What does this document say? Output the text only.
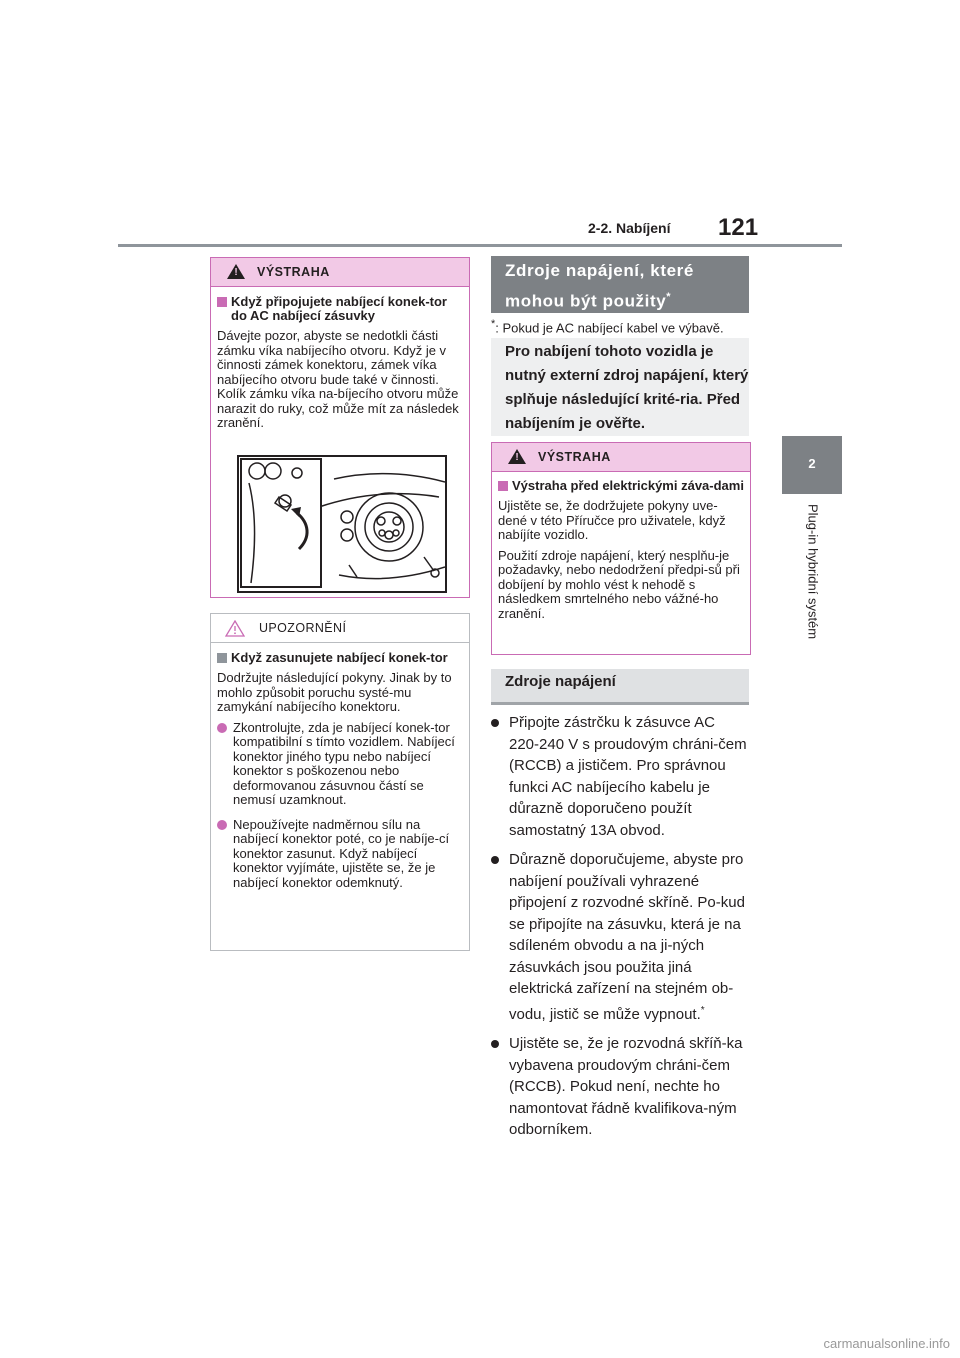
2-2. Nabíjení 121
2
Plug-in hybridní systém
!	VÝSTRAHA
Když připojujete nabíjecí konek-tor do AC nabíjecí zásuvky
Dávejte pozor, abyste se nedotkli části zámku víka nabíjecího otvoru. Když je v činnosti zámek konektoru, zámek víka nabíjecího otvoru bude také v činnosti. Kolík zámku víka na-bíjecího otvoru může narazit do ruky, což může mít za následek zranění.
UPOZORNĚNÍ
Když zasunujete nabíjecí konek-tor
Dodržujte následující pokyny. Jinak by to mohlo způsobit poruchu systé-mu zamykání nabíjecího konektoru.
Zkontrolujte, zda je nabíjecí konek-tor kompatibilní s tímto vozidlem. Nabíjecí konektor jiného typu nebo nabíjecí konektor s poškozenou nebo deformovanou zásuvnou částí se nemusí uzamknout.
Nepoužívejte nadměrnou sílu na nabíjecí konektor poté, co je nabíje-cí konektor zasunut. Když nabíjecí konektor vyjímáte, ujistěte se, že je nabíjecí konektor odemknutý.
*: Pokud je AC nabíjecí kabel ve výbavě.
Zdroje napájení, které mohou být použity*
Pro nabíjení tohoto vozidla je nutný externí zdroj napájení, který splňuje následující krité-ria. Před nabíjením je ověřte.
!	VÝSTRAHA
Výstraha před elektrickými záva-dami
Ujistěte se, že dodržujete pokyny uve-dené v této Příručce pro uživatele, když nabíjíte vozidlo.
Použití zdroje napájení, který nesplňu-je požadavky, nebo nedodržení předpi-sů při dobíjení by mohlo vést k nehodě s následkem smrtelného nebo vážné-ho zranění.
Zdroje napájení
Připojte zástrčku k zásuvce AC 220-240 V s proudovým chráni-čem (RCCB) a jističem. Pro správnou funkci AC nabíjecího kabelu je důrazně doporučeno použít samostatný 13A obvod.
Důrazně doporučujeme, abyste pro nabíjení používali vyhrazené připojení z rozvodné skříně. Po-kud se připojíte na zásuvku, která je na sdíleném obvodu a na ji-ných zásuvkách jsou použita jiná elektrická zařízení na stejném ob-vodu, jistič se může vypnout.*
Ujistěte se, že je rozvodná skříň-ka vybavena proudovým chráni-čem (RCCB). Pokud není, nechte ho namontovat řádně kvalifikova-ným odborníkem.
carmanualsonline.info
